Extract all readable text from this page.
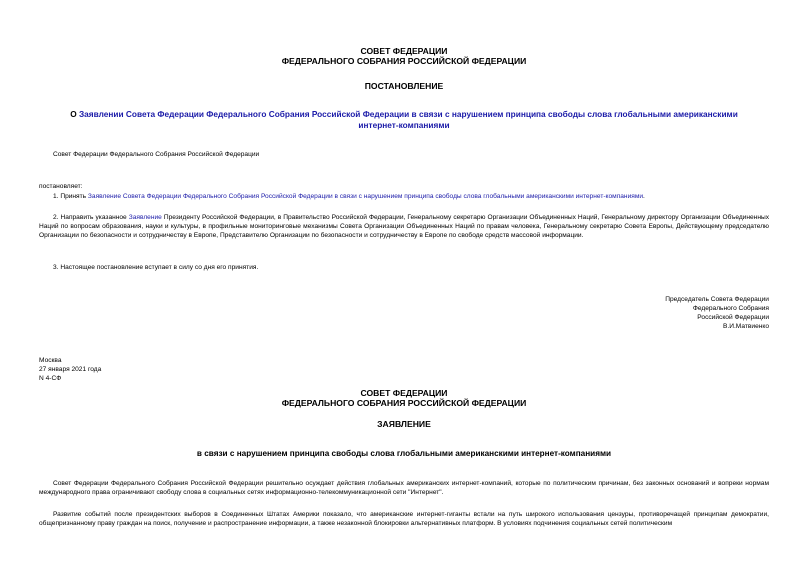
СОВЕТ ФЕДЕРАЦИИ
ФЕДЕРАЛЬНОГО СОБРАНИЯ РОССИЙСКОЙ ФЕДЕРАЦИИ
ПОСТАНОВЛЕНИЕ
О Заявлении Совета Федерации Федерального Собрания Российской Федерации в связи с нарушением принципа свободы слова глобальными американскими
интернет-компаниями
Совет Федерации Федерального Собрания Российской Федерации
постановляет:
1. Принять Заявление Совета Федерации Федерального Собрания Российской Федерации в связи с нарушением принципа свободы слова глобальными американскими интернет-компаниями.
2. Направить указанное Заявление Президенту Российской Федерации, в Правительство Российской Федерации, Генеральному секретарю Организации Объединенных Наций, Генеральному директору Организации Объединенных Наций по вопросам образования, науки и культуры, в профильные мониторинговые механизмы Совета Организации Объединенных Наций по правам человека, Генеральному секретарю Совета Европы, Действующему председателю Организации по безопасности и сотрудничеству в Европе, Представителю Организации по безопасности и сотрудничеству в Европе по свободе средств массовой информации.
3. Настоящее постановление вступает в силу со дня его принятия.
Председатель Совета Федерации
Федерального Собрания
Российской Федерации
В.И.Матвиенко
Москва
27 января 2021 года
N 4-СФ
СОВЕТ ФЕДЕРАЦИИ
ФЕДЕРАЛЬНОГО СОБРАНИЯ РОССИЙСКОЙ ФЕДЕРАЦИИ
ЗАЯВЛЕНИЕ
в связи с нарушением принципа свободы слова глобальными американскими интернет-компаниями
Совет Федерации Федерального Собрания Российской Федерации решительно осуждает действия глобальных американских интернет-компаний, которые по политическим причинам, без законных оснований и вопреки нормам международного права ограничивают свободу слова в социальных сетях информационно-телекоммуникационной сети "Интернет".
Развитие событий после президентских выборов в Соединенных Штатах Америки показало, что американские интернет-гиганты встали на путь широкого использования цензуры, противоречащей принципам демократии, общепризнанному праву граждан на поиск, получение и распространение информации, а также незаконной блокировки альтернативных платформ. В условиях подчинения социальных сетей политическим
